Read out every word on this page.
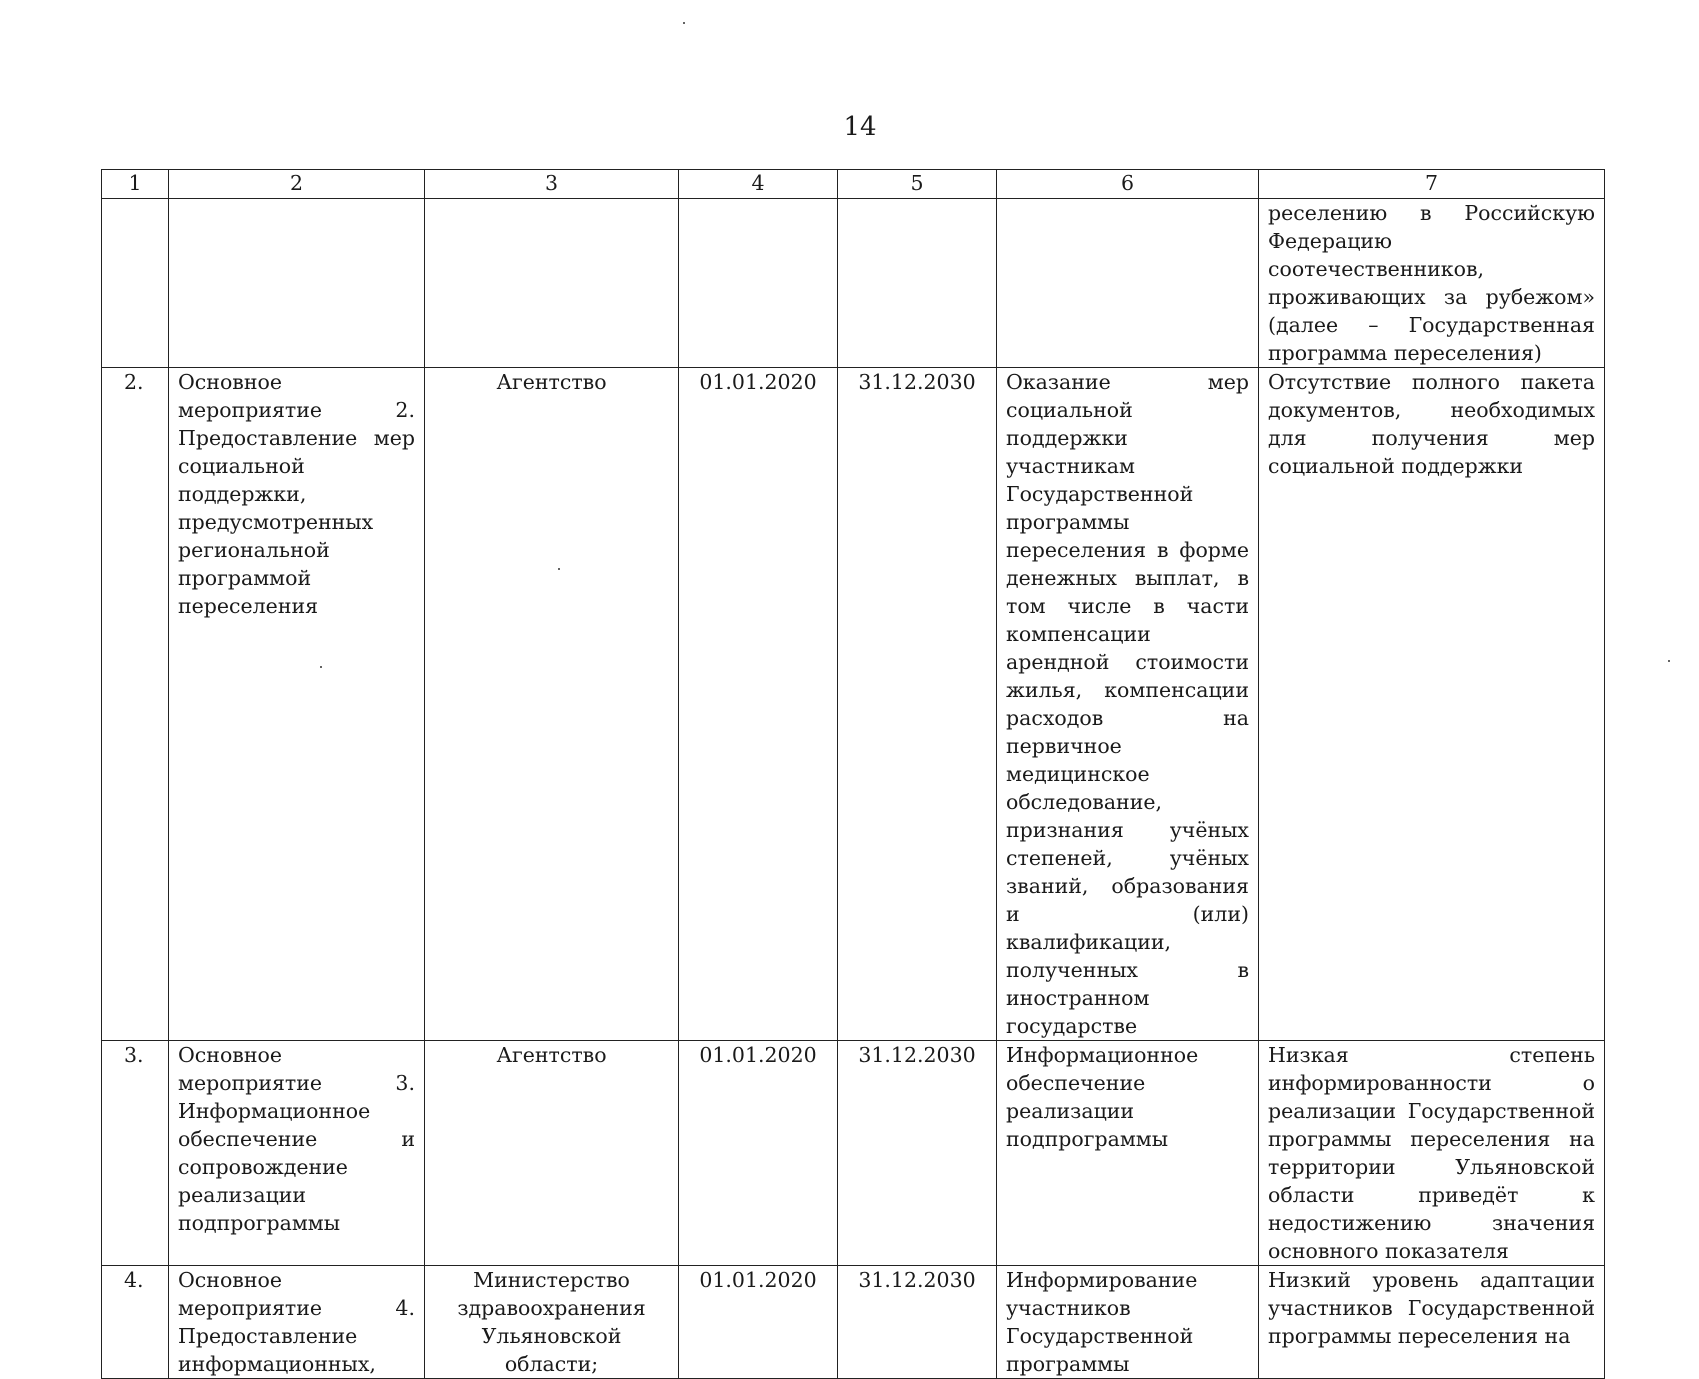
14
1	2	3	4	5	6	7
						реселению в Российскую Федерацию соотечественников, проживающих за рубежом» (далее – Государственная программа переселения)
2.	Основное мероприятие 2. Предоставление мер социальной поддержки, предусмотренных региональной программой переселения	Агентство	01.01.2020	31.12.2030	Оказание мер социальной поддержки участникам Государственной программы переселения в форме денежных выплат, в том числе в части компенсации арендной стоимости жилья, компенсации расходов на первичное медицинское обследование, признания учёных степеней, учёных званий, образования и (или) квалификации, полученных в иностранном государстве	Отсутствие полного пакета документов, необходимых для получения мер социальной поддержки
3.	Основное мероприятие 3. Информационное обеспечение и сопровождение реализации подпрограммы	Агентство	01.01.2020	31.12.2030	Информационное обеспечение реализации подпрограммы	Низкая степень информированности о реализации Государственной программы переселения на территории Ульяновской области приведёт к недостижению значения основного показателя
4.	Основное мероприятие 4. Предоставление информационных,	Министерство здравоохранения Ульяновской области;	01.01.2020	31.12.2030	Информирование участников Государственной программы	Низкий уровень адаптации участников Государственной программы переселения на
